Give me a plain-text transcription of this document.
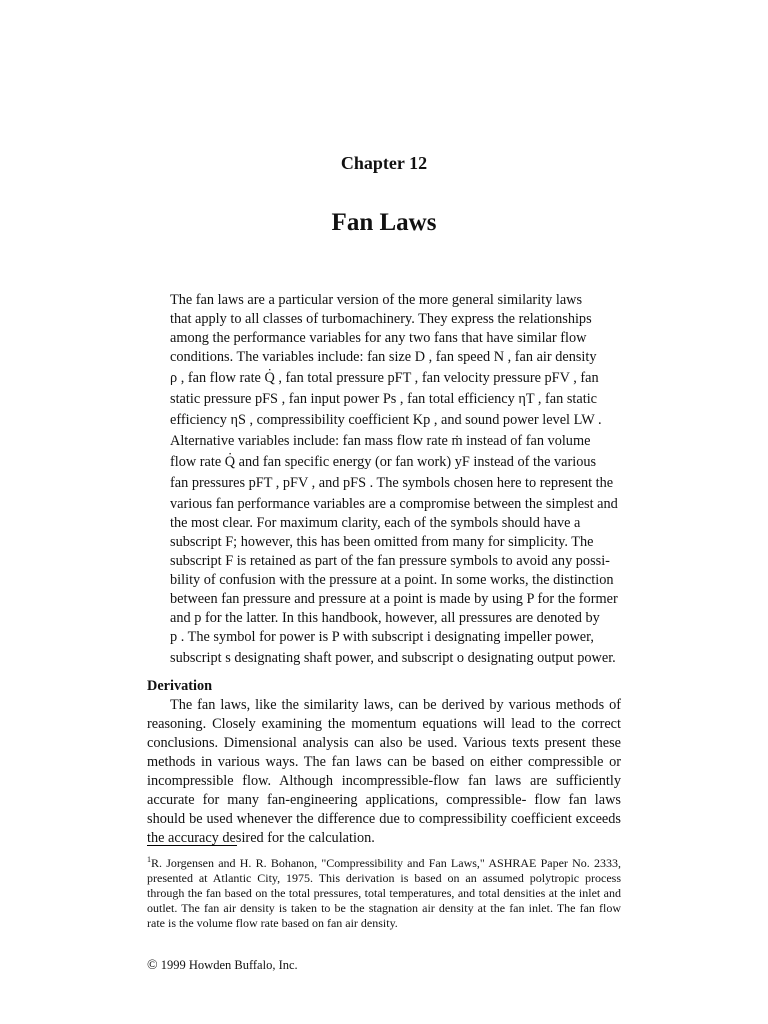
Chapter 12
Fan Laws
The fan laws are a particular version of the more general similarity laws
that apply to all classes of turbomachinery. They express the relationships
among the performance variables for any two fans that have similar flow
conditions. The variables include: fan size D , fan speed N , fan air density
ρ , fan flow rate Q̇ , fan total pressure pFT , fan velocity pressure pFV , fan
static pressure pFS , fan input power Ps , fan total efficiency ηT , fan static
efficiency ηS , compressibility coefficient Kp , and sound power level LW .
Alternative variables include: fan mass flow rate ṁ instead of fan volume
flow rate Q̇ and fan specific energy (or fan work) yF instead of the various
fan pressures pFT , pFV , and pFS . The symbols chosen here to represent the
various fan performance variables are a compromise between the simplest and
the most clear. For maximum clarity, each of the symbols should have a
subscript F; however, this has been omitted from many for simplicity. The
subscript F is retained as part of the fan pressure symbols to avoid any possi-
bility of confusion with the pressure at a point. In some works, the distinction
between fan pressure and pressure at a point is made by using P for the former
and p for the latter. In this handbook, however, all pressures are denoted by
p . The symbol for power is P with subscript i designating impeller power,
subscript s designating shaft power, and subscript o designating output power.
Derivation
The fan laws, like the similarity laws, can be derived by various methods of reasoning. Closely examining the momentum equations will lead to the correct conclusions. Dimensional analysis can also be used. Various texts present these methods in various ways. The fan laws can be based on either compressible or incompressible flow. Although incompressible-flow fan laws are sufficiently accurate for many fan-engineering applications, compressible- flow fan laws should be used whenever the difference due to compressibility coefficient exceeds the accuracy desired for the calculation.
$^1$R. Jorgensen and H. R. Bohanon, "Compressibility and Fan Laws," ASHRAE Paper No. 2333, presented at Atlantic City, 1975. This derivation is based on an assumed polytropic process through the fan based on the total pressures, total temperatures, and total densities at the inlet and outlet. The fan air density is taken to be the stagnation air density at the fan inlet. The fan flow rate is the volume flow rate based on fan air density.
© 1999 Howden Buffalo, Inc.
